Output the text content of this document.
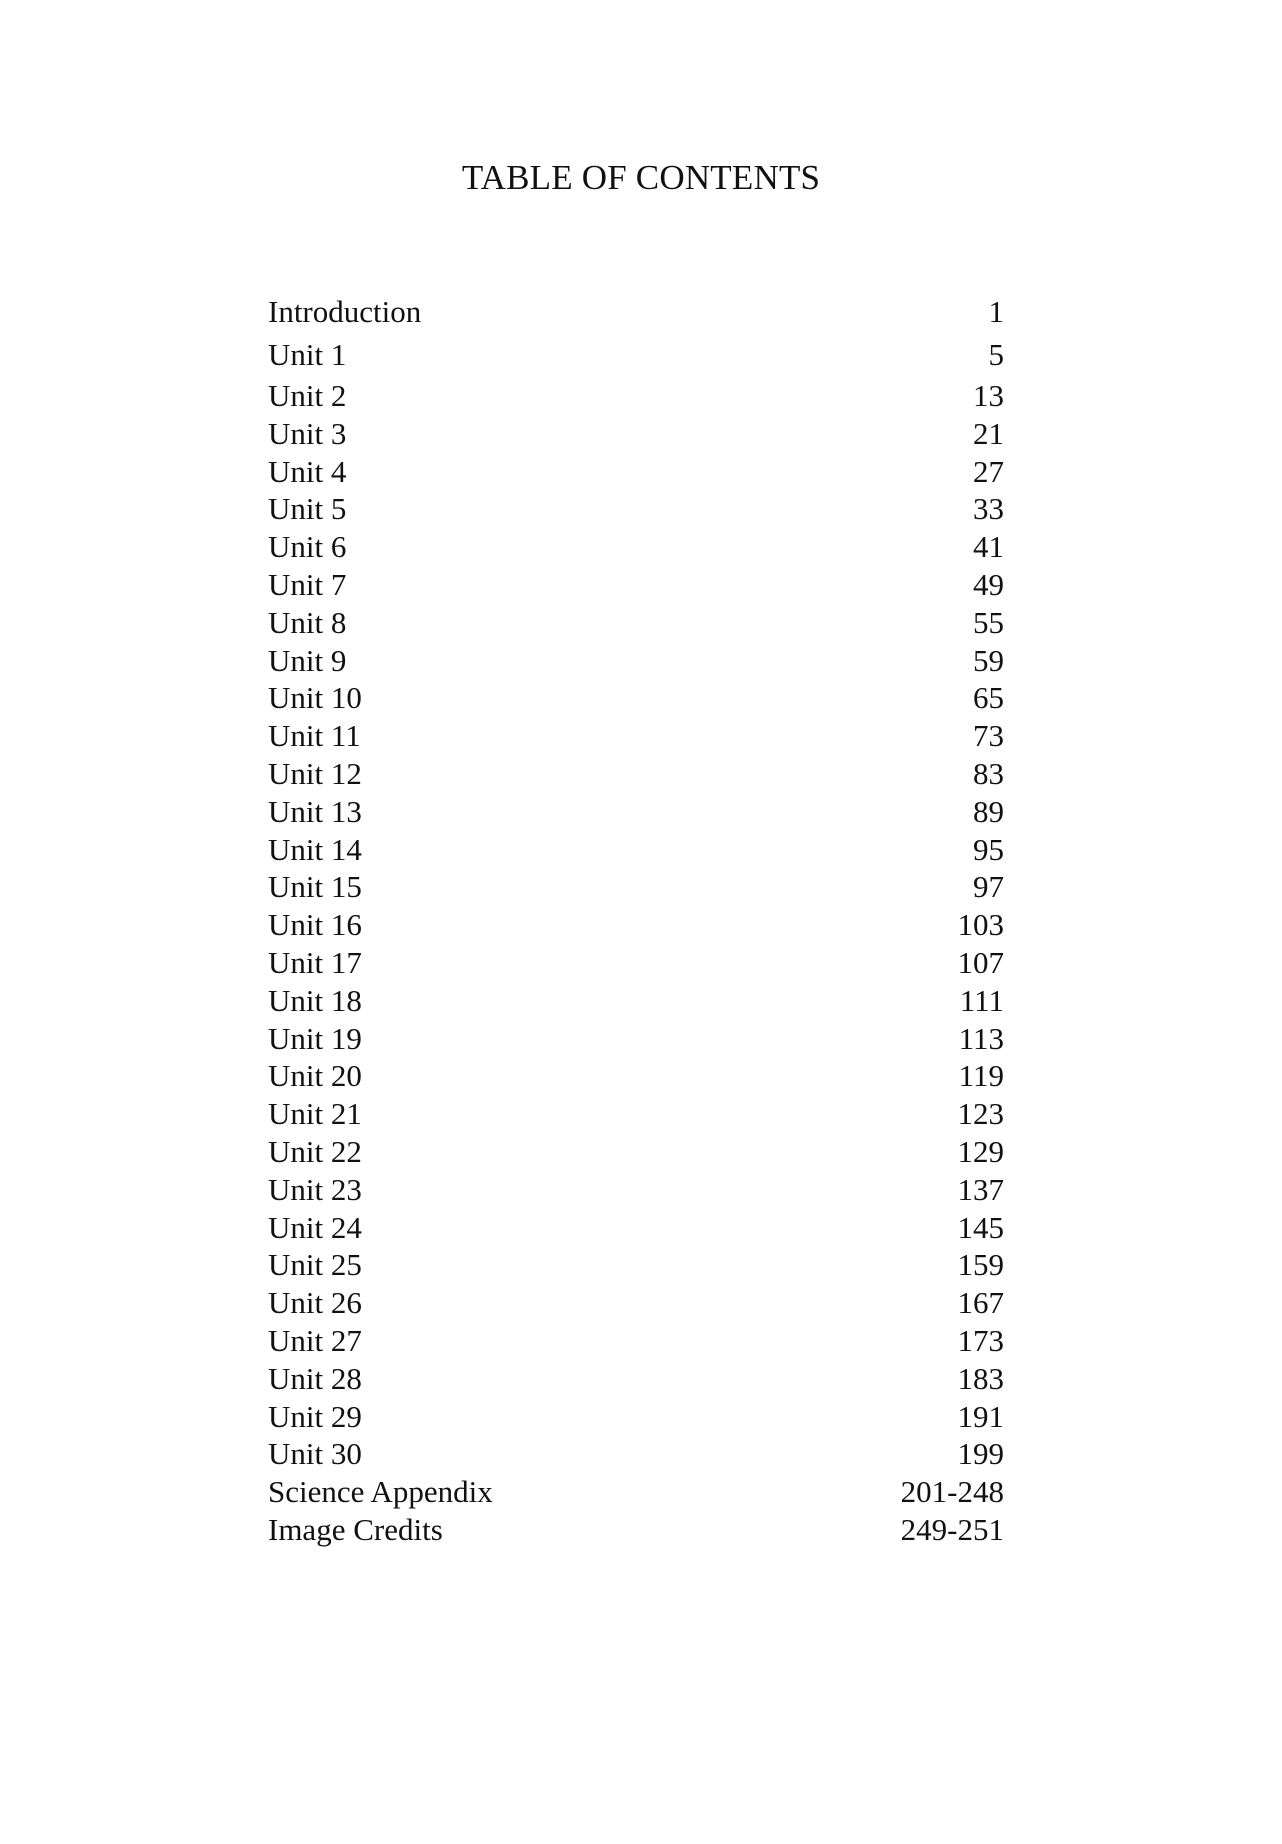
TABLE OF CONTENTS
Introduction	1
Unit 1	5
Unit 2	13
Unit 3	21
Unit 4	27
Unit 5	33
Unit 6	41
Unit 7	49
Unit 8	55
Unit 9	59
Unit 10	65
Unit 11	73
Unit 12	83
Unit 13	89
Unit 14	95
Unit 15	97
Unit 16	103
Unit 17	107
Unit 18	111
Unit 19	113
Unit 20	119
Unit 21	123
Unit 22	129
Unit 23	137
Unit 24	145
Unit 25	159
Unit 26	167
Unit 27	173
Unit 28	183
Unit 29	191
Unit 30	199
Science Appendix	201-248
Image Credits	249-251
